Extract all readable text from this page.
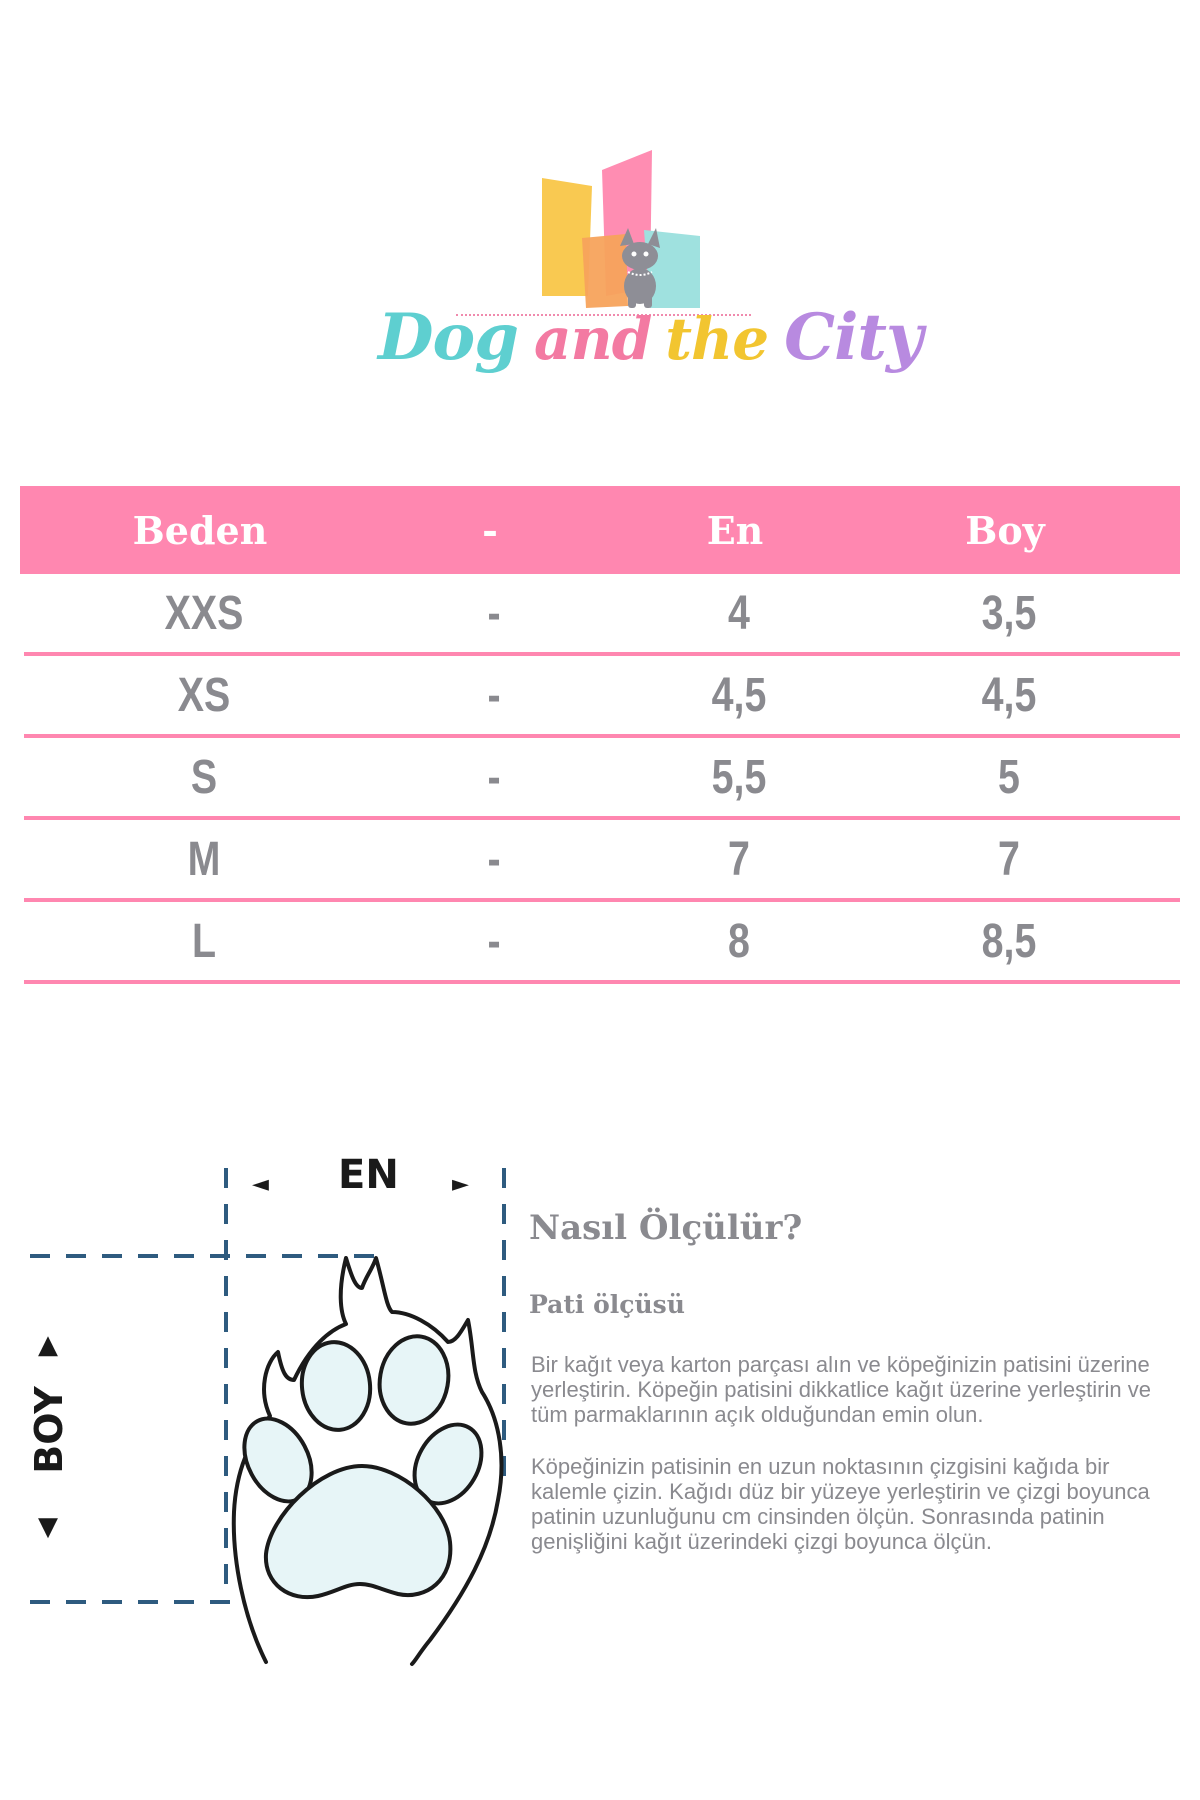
Dog and the City
Beden	-	En	Boy
XXS	-	4	3,5
XS	-	4,5	4,5
S	-	5,5	5
M	-	7	7
L	-	8	8,5
◄	►
EN
▲
BOY
▼
Nasıl Ölçülür?
Pati ölçüsü
Bir kağıt veya karton parçası alın ve köpeğinizin patisini üzerine yerleştirin. Köpeğin patisini dikkatlice kağıt üzerine yerleştirin ve tüm parmaklarının açık olduğundan emin olun.
Köpeğinizin patisinin en uzun noktasının çizgisini kağıda bir kalemle çizin. Kağıdı düz bir yüzeye yerleştirin ve çizgi boyunca patinin uzunluğunu cm cinsinden ölçün. Sonrasında patinin genişliğini kağıt üzerindeki çizgi boyunca ölçün.
